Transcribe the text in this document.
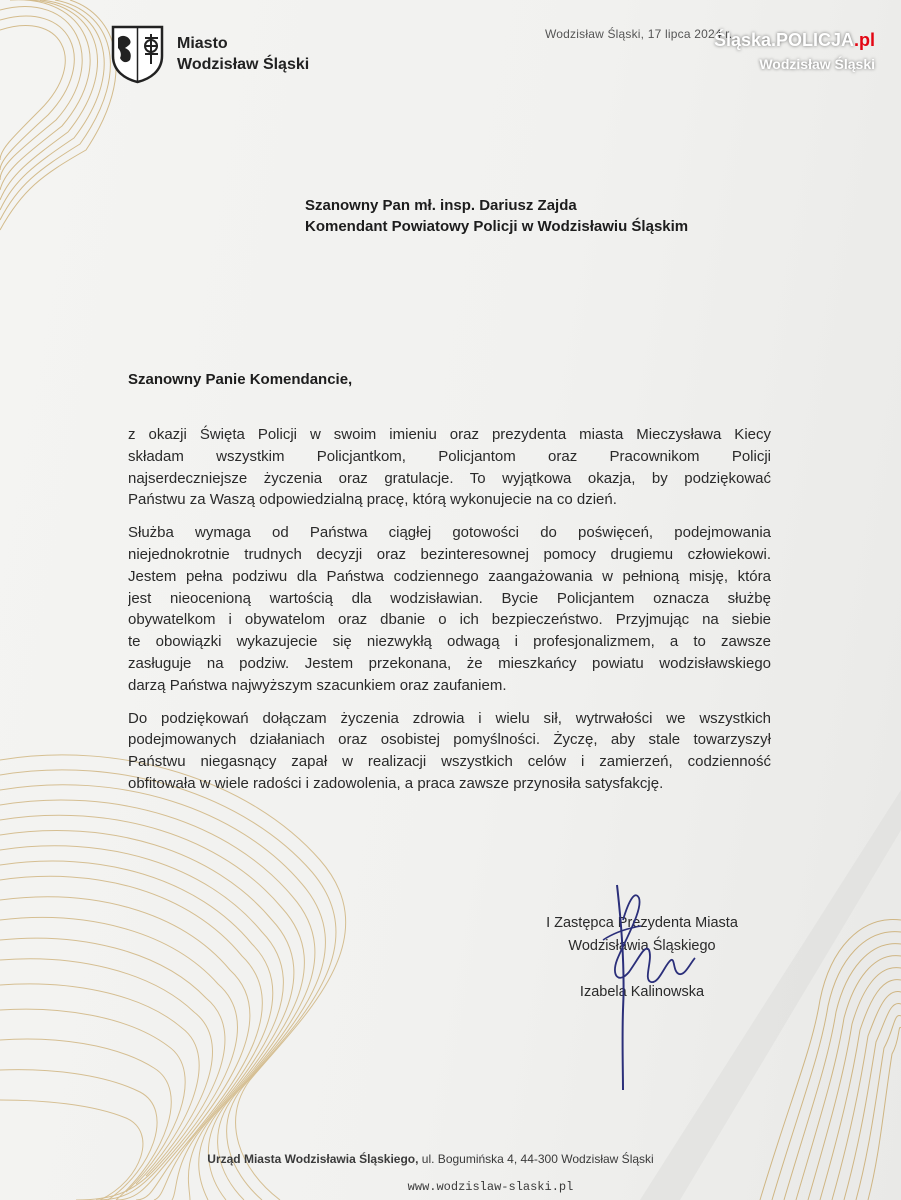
Miasto
Wodzisław Śląski
Wodzisław Śląski, 17 lipca 2024 r.
Szanowny Pan mł. insp. Dariusz Zajda
Komendant Powiatowy Policji w Wodzisławiu Śląskim
Szanowny Panie Komendancie,
z okazji Święta Policji w swoim imieniu oraz prezydenta miasta Mieczysława Kiecy
składam wszystkim Policjantkom, Policjantom oraz Pracownikom Policji
najserdeczniejsze życzenia oraz gratulacje. To wyjątkowa okazja, by podziękować
Państwu za Waszą odpowiedzialną pracę, którą wykonujecie na co dzień.
Służba wymaga od Państwa ciągłej gotowości do poświęceń, podejmowania
niejednokrotnie trudnych decyzji oraz bezinteresownej pomocy drugiemu człowiekowi.
Jestem pełna podziwu dla Państwa codziennego zaangażowania w pełnioną misję, która
jest nieocenioną wartością dla wodzisławian. Bycie Policjantem oznacza służbę
obywatelkom i obywatelom oraz dbanie o ich bezpieczeństwo. Przyjmując na siebie
te obowiązki wykazujecie się niezwykłą odwagą i profesjonalizmem, a to zawsze
zasługuje na podziw. Jestem przekonana, że mieszkańcy powiatu wodzisławskiego
darzą Państwa najwyższym szacunkiem oraz zaufaniem.
Do podziękowań dołączam życzenia zdrowia i wielu sił, wytrwałości we wszystkich
podejmowanych działaniach oraz osobistej pomyślności. Życzę, aby stale towarzyszył
Państwu niegasnący zapał w realizacji wszystkich celów i zamierzeń, codzienność
obfitowała w wiele radości i zadowolenia, a praca zawsze przynosiła satysfakcję.
I Zastępca Prezydenta Miasta
Wodzisławia Śląskiego
Izabela Kalinowska
Urząd Miasta Wodzisławia Śląskiego, ul. Bogumińska 4, 44-300 Wodzisław Śląski
www.wodzislaw-slaski.pl
Śląska.POLICJA.pl
Wodzisław Śląski
